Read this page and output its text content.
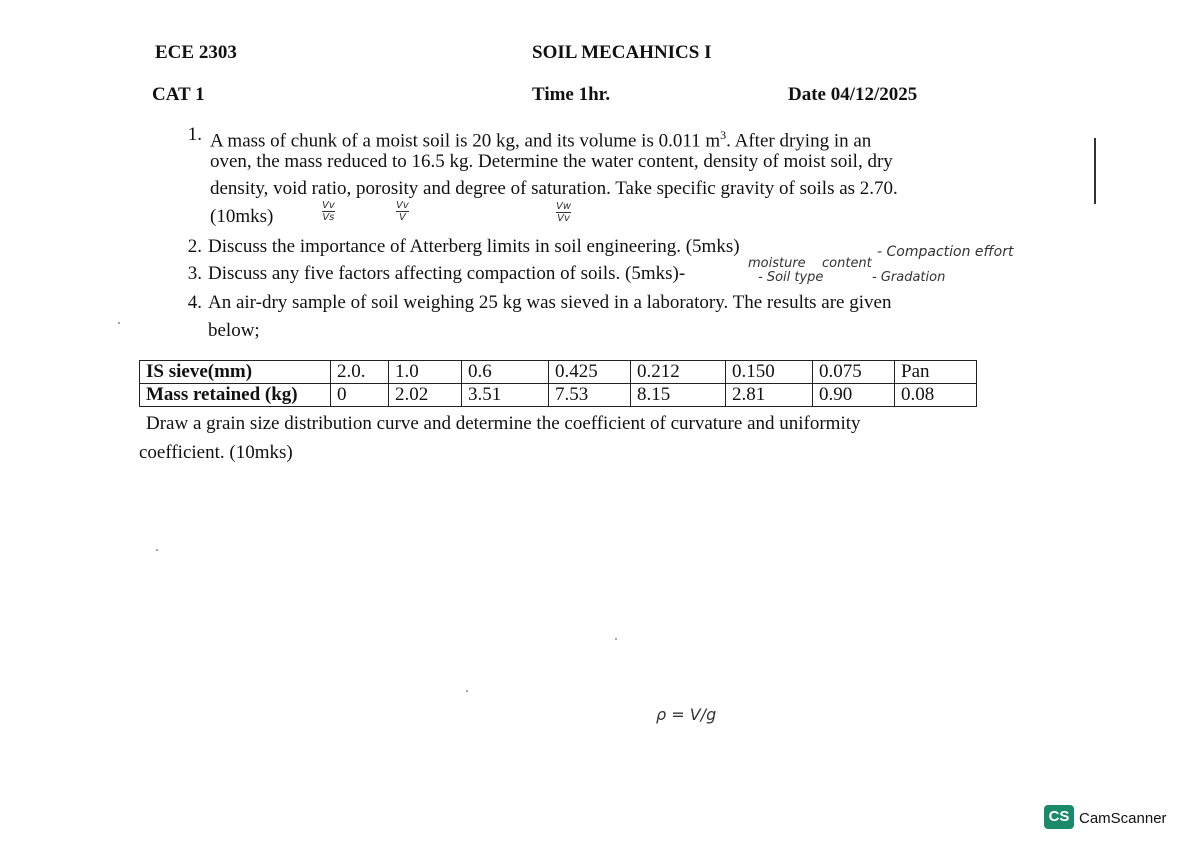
ECE 2303	SOIL MECAHNICS I
CAT 1	Time 1hr.	Date 04/12/2025
1. A mass of chunk of a moist soil is 20 kg, and its volume is 0.011 $m^3$. After drying in an
oven, the mass reduced to 16.5 kg. Determine the water content, density of moist soil, dry
density, void ratio, porosity and degree of saturation. Take specific gravity of soils as 2.70.
(10mks)
Vv
Vs
Vv
V
Vw
Vv
2. Discuss the importance of Atterberg limits in soil engineering. (5mks)
3. Discuss any five factors affecting compaction of soils. (5mks)-	moisture content
- Soil type
- Compaction effort
- Gradation
4. An air-dry sample of soil weighing 25 kg was sieved in a laboratory. The results are given
below;
IS sieve(mm)	2.0.	1.0	0.6	0.425	0.212	0.150	0.075	Pan
Mass retained (kg)	0	2.02	3.51	7.53	8.15	2.81	0.90	0.08
Draw a grain size distribution curve and determine the coefficient of curvature and uniformity
coefficient. (10mks)
ρ = V/g
CS CamScanner
